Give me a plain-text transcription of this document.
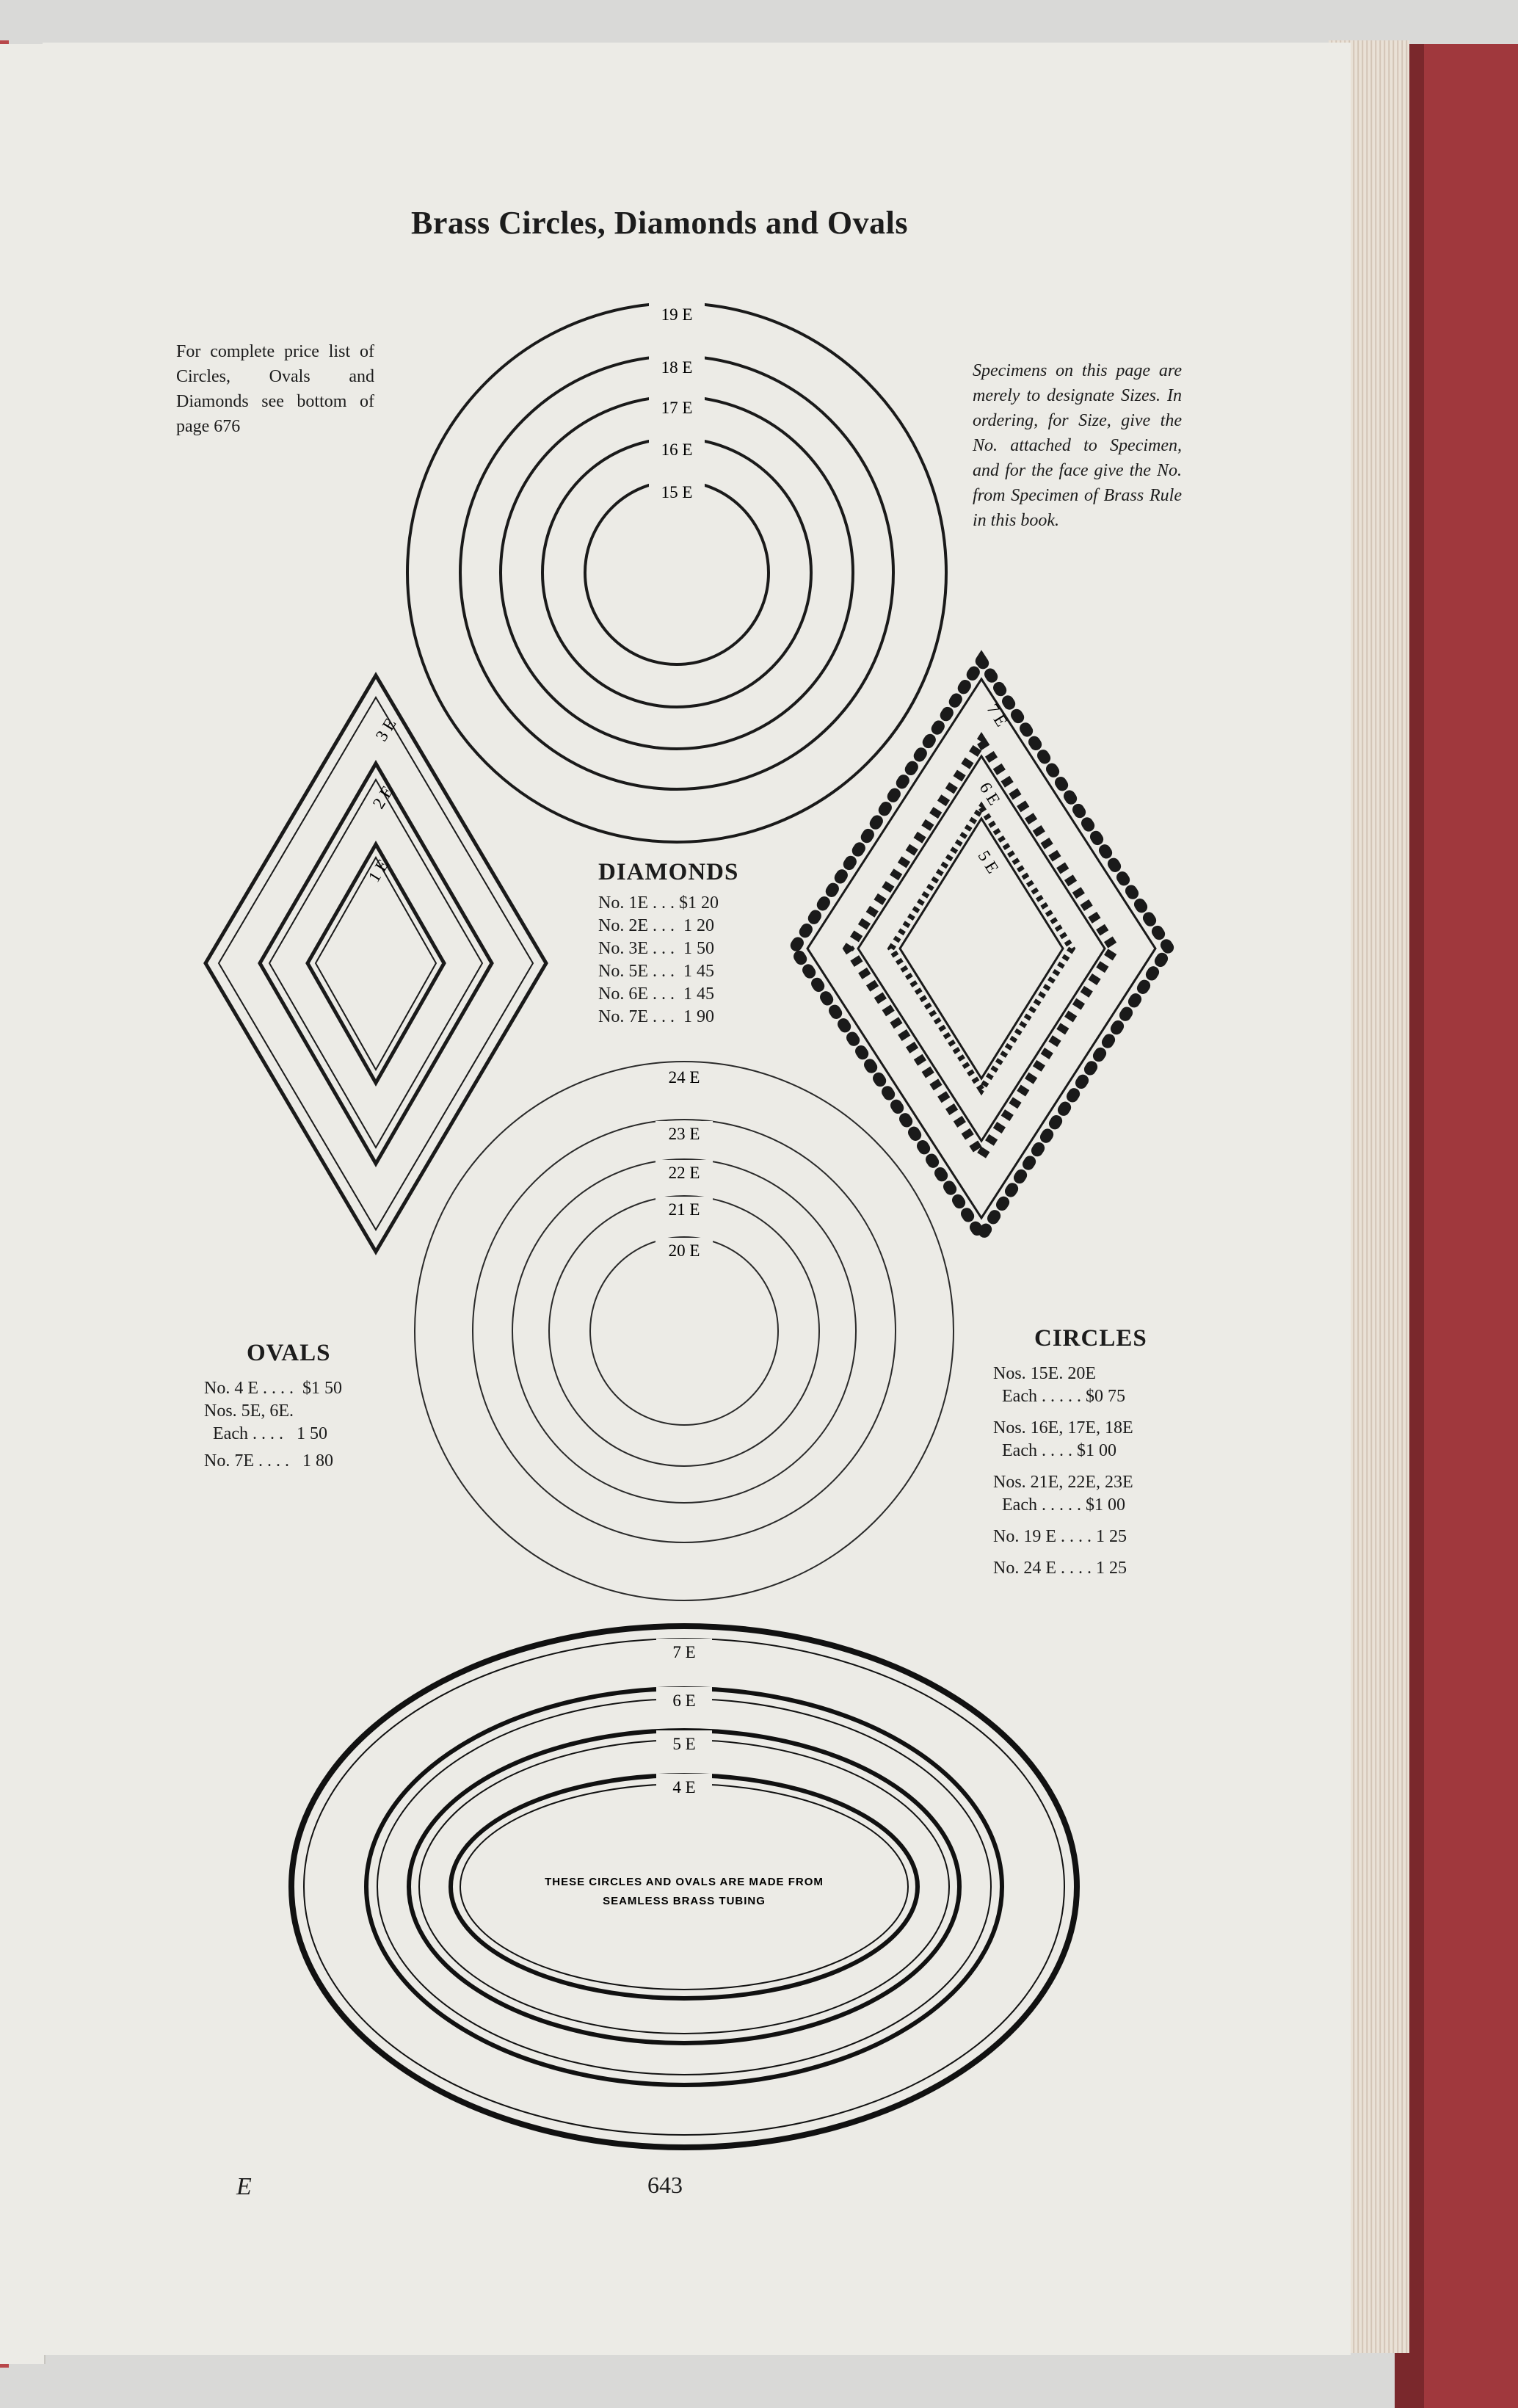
Brass Circles, Diamonds and Ovals
For complete price list of Circles, Ovals and Diamonds see bottom of page 676
Specimens on this page are merely to designate Sizes. In ordering, for Size, give the No. attached to Specimen, and for the face give the No. from Specimen of Brass Rule in this book.
19 E
18 E
17 E
16 E
15 E
3 E
2 E
1 E
7 E
6 E
5 E
24 E
23 E
22 E
21 E
20 E
7 E
6 E
5 E
4 E
THESE CIRCLES AND OVALS ARE MADE FROM
SEAMLESS BRASS TUBING
DIAMONDS
No. 1E . . . $1 20
No. 2E . . .  1 20
No. 3E . . .  1 50
No. 5E . . .  1 45
No. 6E . . .  1 45
No. 7E . . .  1 90
OVALS
No. 4 E . . . .  $1 50
Nos. 5E, 6E.
Each . . . .   1 50
No. 7E . . . .   1 80
CIRCLES
Nos. 15E. 20E
Each . . . . . $0 75
Nos. 16E, 17E, 18E
Each . . . . $1 00
Nos. 21E, 22E, 23E
Each . . . . . $1 00
No. 19 E . . . . 1 25
No. 24 E . . . . 1 25
E	643
